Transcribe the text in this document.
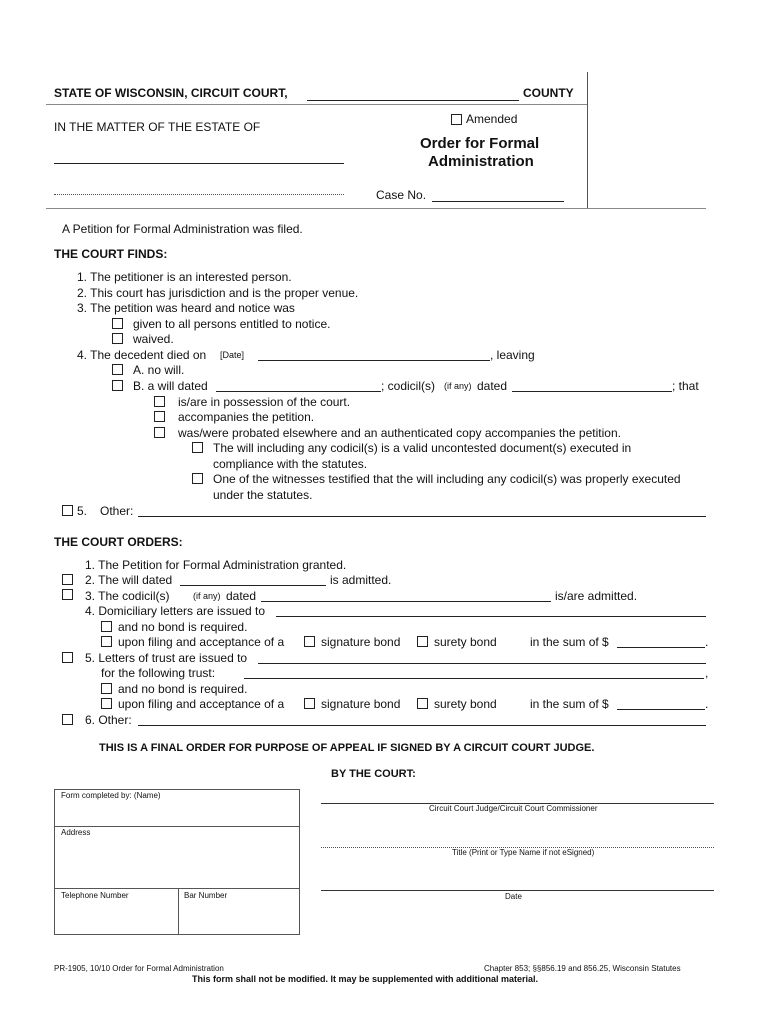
STATE OF WISCONSIN, CIRCUIT COURT,	COUNTY
IN THE MATTER OF THE ESTATE OF
Amended
Order for Formal
Administration
Case No.
A Petition for Formal Administration was filed.
THE COURT FINDS:
1. The petitioner is an interested person.
2. This court has jurisdiction and is the proper venue.
3. The petition was heard and notice was
given to all persons entitled to notice.
waived.
4. The decedent died on [Date]	, leaving
A. no will.
B. a will dated	; codicil(s) (if any) dated	; that
is/are in possession of the court.
accompanies the petition.
was/were probated elsewhere and an authenticated copy accompanies the petition.
The will including any codicil(s) is a valid uncontested document(s) executed in
compliance with the statutes.
One of the witnesses testified that the will including any codicil(s) was properly executed
under the statutes.
5. Other:
THE COURT ORDERS:
1. The Petition for Formal Administration granted.
2. The will dated	is admitted.
3. The codicil(s)	(if any) dated	is/are admitted.
4. Domiciliary letters are issued to
and no bond is required.
upon filing and acceptance of a	signature bond	surety bond	in the sum of $	.
5. Letters of trust are issued to
for the following trust:	,
and no bond is required.
upon filing and acceptance of a	signature bond	surety bond	in the sum of $	.
6. Other:
THIS IS A FINAL ORDER FOR PURPOSE OF APPEAL IF SIGNED BY A CIRCUIT COURT JUDGE.
BY THE COURT:
Form completed by: (Name)
Address
Telephone Number	Bar Number
Circuit Court Judge/Circuit Court Commissioner
Title (Print or Type Name if not eSigned)
Date
PR-1905, 10/10 Order for Formal Administration	Chapter 853; §§856.19 and 856.25, Wisconsin Statutes
This form shall not be modified. It may be supplemented with additional material.
